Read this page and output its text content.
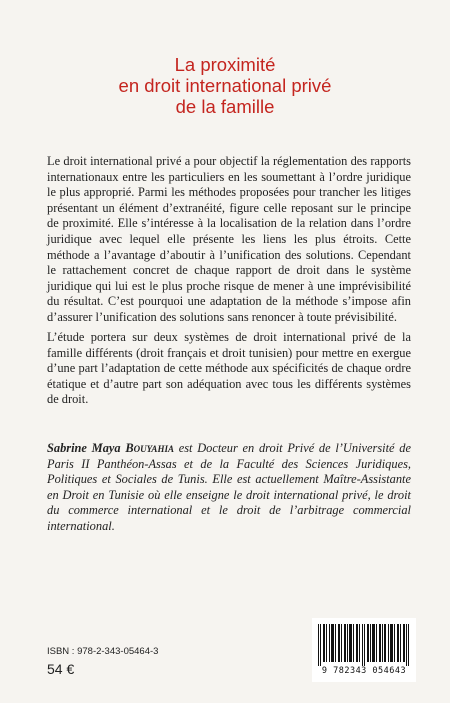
La proximité
en droit international privé
de la famille
Le droit international privé a pour objectif la réglementation des rapports internationaux entre les particuliers en les soumettant à l’ordre juridique le plus approprié. Parmi les méthodes proposées pour trancher les litiges présentant un élément d’extranéité, figure celle reposant sur le principe de proximité. Elle s’intéresse à la localisation de la relation dans l’ordre juridique avec lequel elle présente les liens les plus étroits. Cette méthode a l’avantage d’aboutir à l’unification des solutions. Cependant le rattachement concret de chaque rapport de droit dans le système juridique qui lui est le plus proche risque de mener à une imprévisibilité du résultat. C’est pourquoi une adaptation de la méthode s’impose afin d’assurer l’unification des solutions sans renoncer à toute prévisibilité.
L’étude portera sur deux systèmes de droit international privé de la famille différents (droit français et droit tunisien) pour mettre en exergue d’une part l’adaptation de cette méthode aux spécificités de chaque ordre étatique et d’autre part son adéquation avec tous les différents systèmes de droit.
Sabrine Maya Bouyahia est Docteur en droit Privé de l’Université de Paris II Panthéon-Assas et de la Faculté des Sciences Juridiques, Politiques et Sociales de Tunis. Elle est actuellement Maître-Assistante en Droit en Tunisie où elle enseigne le droit international privé, le droit du commerce international et le droit de l’arbitrage commercial international.
ISBN : 978-2-343-05464-3
54 €	9 782343 054643
